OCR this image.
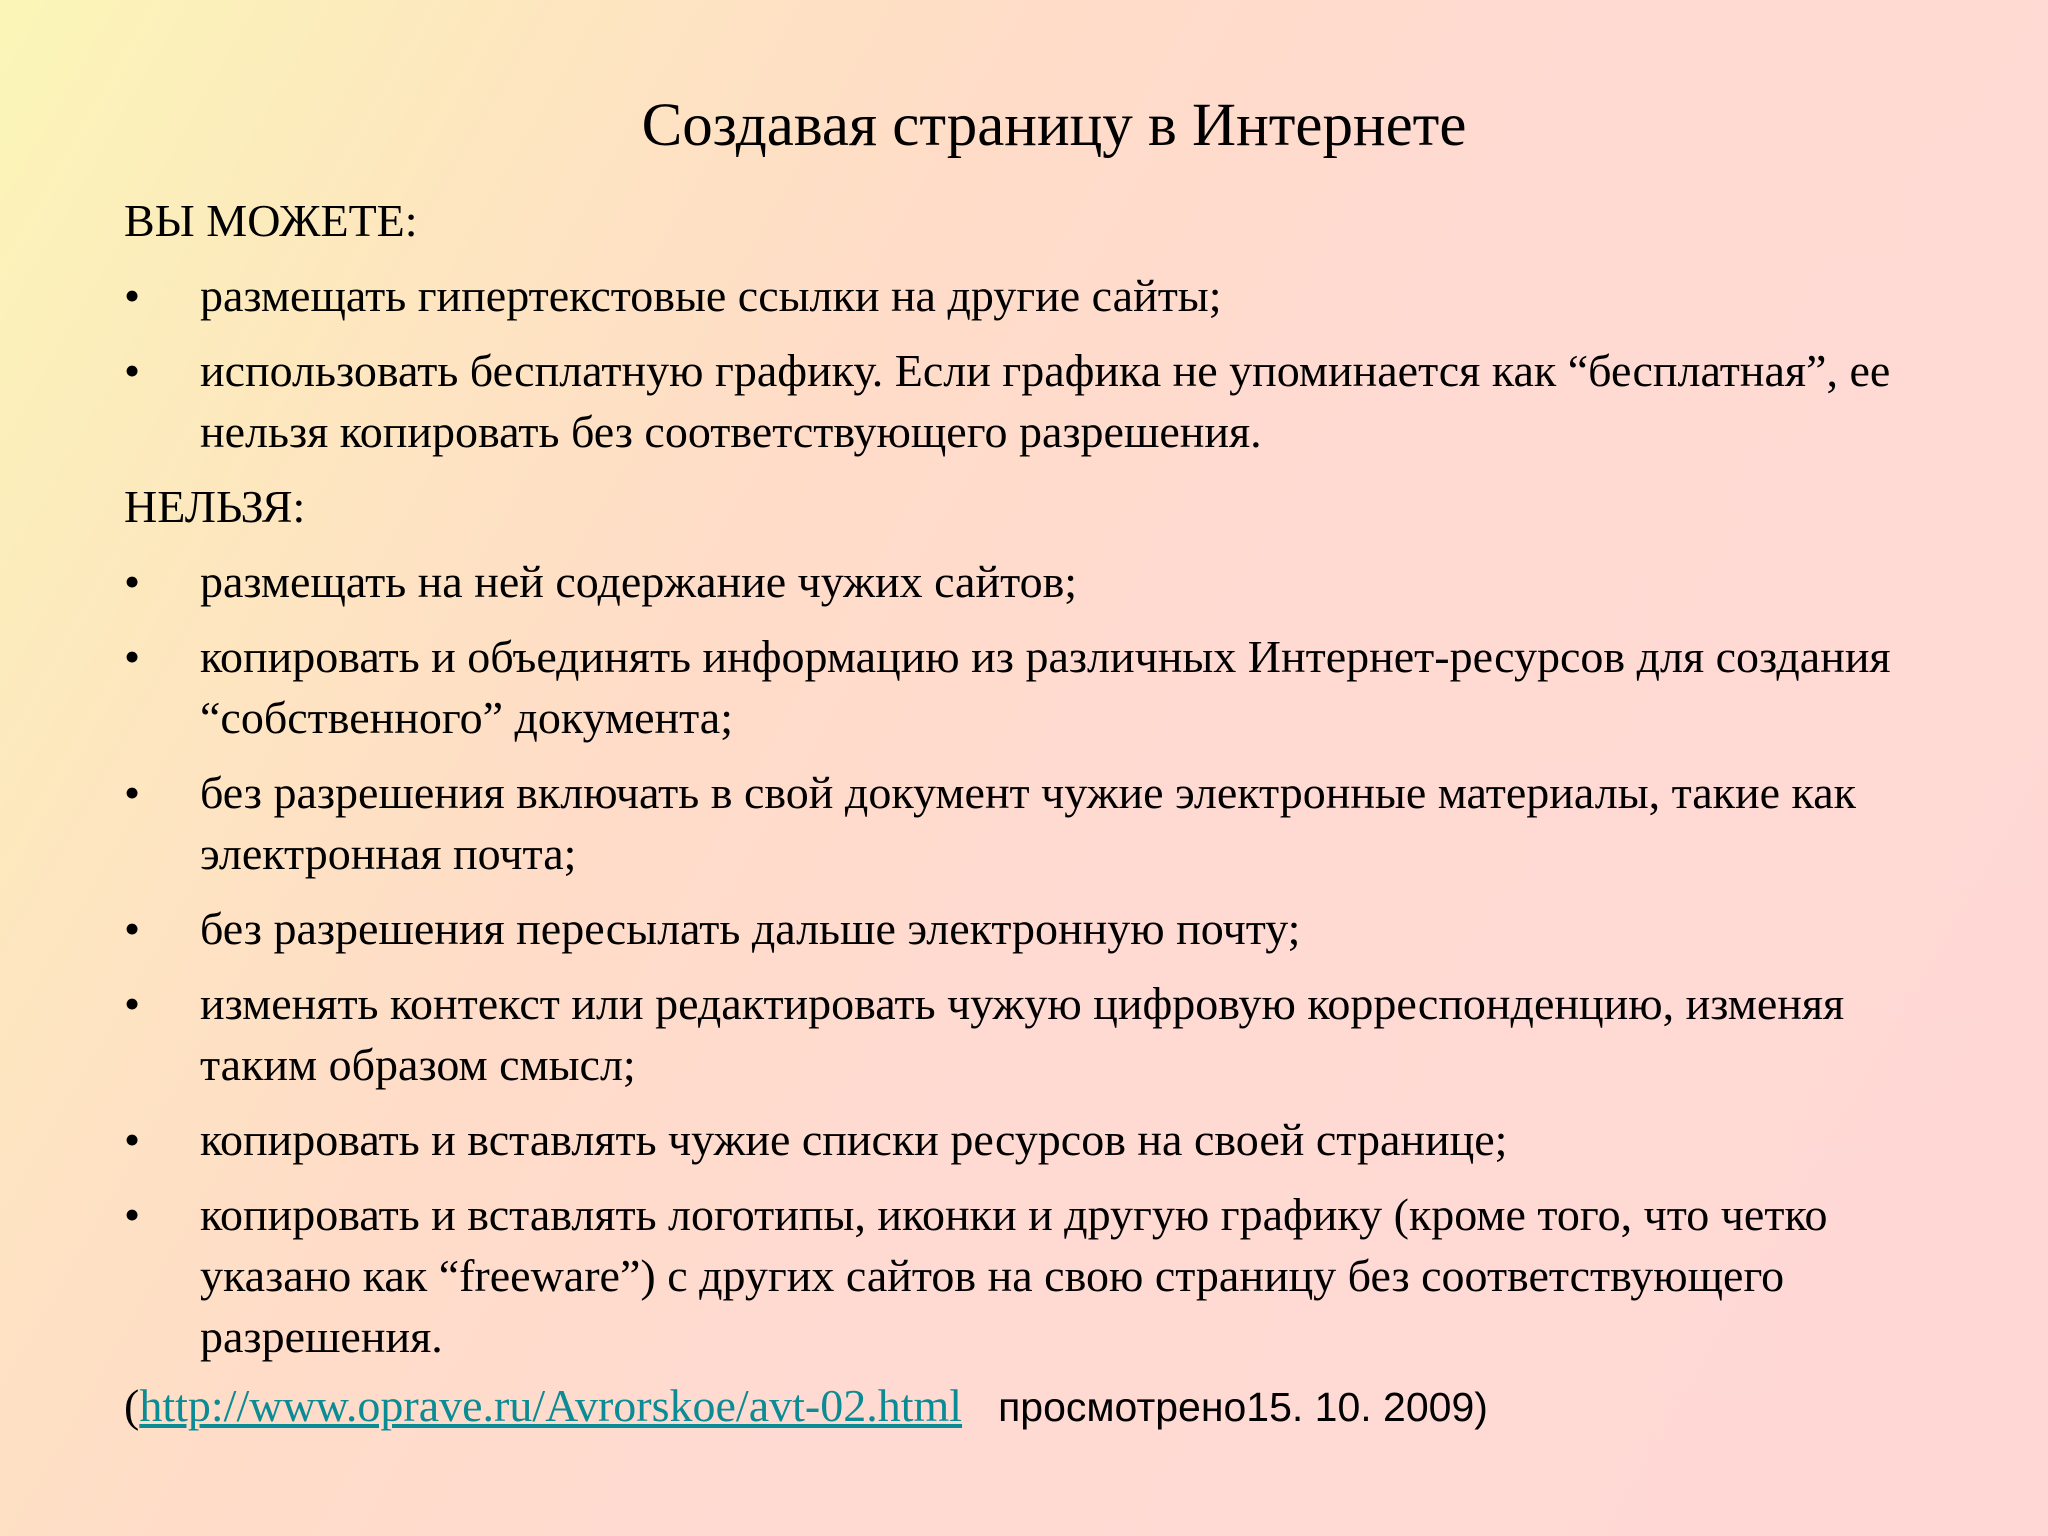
Создавая страницу в Интернете
ВЫ МОЖЕТЕ:
• размещать гипертекстовые ссылки на другие сайты;
• использовать бесплатную графику. Если графика не упоминается как “бесплатная”, ее нельзя копировать без соответствующего разрешения.
НЕЛЬЗЯ:
• размещать на ней содержание чужих сайтов;
• копировать и объединять информацию из различных Интернет-ресурсов для создания “собственного” документа;
• без разрешения включать в свой документ чужие электронные материалы, такие как электронная почта;
• без разрешения пересылать дальше электронную почту;
• изменять контекст или редактировать чужую цифровую корреспонденцию, изменяя таким образом смысл;
• копировать и вставлять чужие списки ресурсов на своей странице;
• копировать и вставлять логотипы, иконки и другую графику (кроме того, что четко указано как “freeware”) с других сайтов на свою страницу без соответствующего разрешения.
(http://www.oprave.ru/Avrorskoe/avt-02.html просмотрено15. 10. 2009)
